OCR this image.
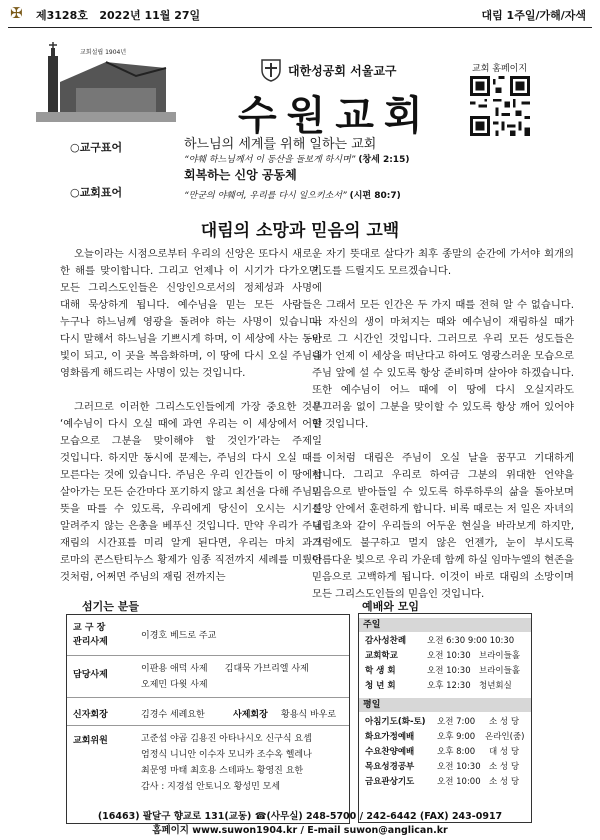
✠ 제3128호 2022년 11월 27일	대림 1주일/가해/자색
교회설립 1904년
대한성공회 서울교구
수원교회
교회 홈페이지
○교구표어	하느님의 세계를 위해 일하는 교회
“야훼 하느님께서 이 동산을 돌보게 하시며” (창세 2:15)
○교회표어
회복하는 신앙 공동체
“만군의 야훼여, 우리를 다시 일으키소서” (시편 80:7)
대림의 소망과 믿음의 고백

오늘이라는 시점으로부터 우리의 신앙은 또다시 새로운 한 해를 맞이합니다. 그리고 언제나 이 시기가 다가오면, 모든 그리스도인들은 신앙인으로서의 정체성과 사명에 대해 묵상하게 됩니다. 예수님을 믿는 모든 사람들은 누구나 하느님께 영광을 돌려야 하는 사명이 있습니다. 다시 말해서 하느님을 기쁘시게 하며, 이 세상에 사는 동안 빛이 되고, 이 곳을 복음화하며, 이 땅에 다시 오실 주님을 영화롭게 해드리는 사명이 있는 것입니다.

그러므로 이러한 그리스도인들에게 가장 중요한 것은 ‘예수님이 다시 오실 때에 과연 우리는 이 세상에서 어떤 모습으로 그분을 맞이해야 할 것인가’라는 주제일 것입니다. 하지만 동시에 문제는, 주님의 다시 오실 때를 모른다는 것에 있습니다. 주님은 우리 인간들이 이 땅에서 살아가는 모든 순간마다 포기하지 않고 최선을 다해 주님의 뜻을 따를 수 있도록, 우리에게 당신이 오시는 시기를 알려주지 않는 은총을 베푸신 것입니다. 만약 우리가 주님 재림의 시간표를 미리 알게 된다면, 우리는 마치 과거 로마의 콘스탄티누스 황제가 임종 직전까지 세례를 미뤘던 것처럼, 어쩌면 주님의 재림 전까지는

자기 뜻대로 살다가 최후 종말의 순간에 가서야 회개의 기도를 드릴지도 모르겠습니다.

그래서 모든 인간은 두 가지 때를 전혀 알 수 없습니다. 나 자신의 생이 마쳐지는 때와 예수님이 재림하실 때가 바로 그 시간인 것입니다. 그러므로 우리 모든 성도들은 내가 언제 이 세상을 떠난다고 하여도 영광스러운 모습으로 주님 앞에 설 수 있도록 항상 준비하며 살아야 하겠습니다. 또한 예수님이 어느 때에 이 땅에 다시 오실지라도 부끄러움 없이 그분을 맞이할 수 있도록 항상 깨어 있어야 할 것입니다.

이처럼 대림은 주님이 오실 날을 꿈꾸고 기대하게 합니다. 그리고 우리로 하여금 그분의 위대한 언약을 믿음으로 받아들일 수 있도록 하루하루의 삶을 돌아보며 신앙 안에서 훈련하게 합니다. 비록 때로는 저 일은 자녀의 대립초와 같이 우리들의 어두운 현실을 바라보게 하지만, 그럼에도 불구하고 멀지 않은 언젠가, 눈이 부시도록 아름다운 빛으로 우리 가운데 함께 하실 임마누엘의 현존을 믿음으로 고백하게 됩니다. 이것이 바로 대림의 소망이며 모든 그리스도인들의 믿음인 것입니다.

섬기는 분들
교 구 장
관리사제
이경호 베드로 주교
담당사제
이판용 애덕 사제      김대묵 가브리엘 사제
오제민 다윗 사제
신자회장	김경수 세례요한	사제회장 황용식 바우로
교회위원	고준섭 야곱 김용진 아타나시오 신구식 요셉
엄정식 니니안 이수자 모니카 조수옥 헬레나
최문영 마태 최호용 스테파노 황영진 요한
감사 : 지경섭 안토니오 황성민 모세
예배와 모임
주일
감사성찬례 오전 6:30 9:00 10:30
교회학교	오전 10:30 브라이들홀
학 생 회	오전 10:30 브라이들홀
청 년 회	오후 12:30 청년회실
평일
아침기도(화-토) 오전 7:00 소 성 당
화요가정예배	오후 9:00 온라인(줌)
수요찬양예배	오후 8:00 대 성 당
목요성경공부	오전 10:30 소 성 당
금요관상기도	오전 10:00 소 성 당
(16463) 팔달구 향교로 131(교동) ☎(사무실) 248-5700 / 242-6442 (FAX) 243-0917
홈페이지 www.suwon1904.kr / E-mail suwon@anglican.kr
